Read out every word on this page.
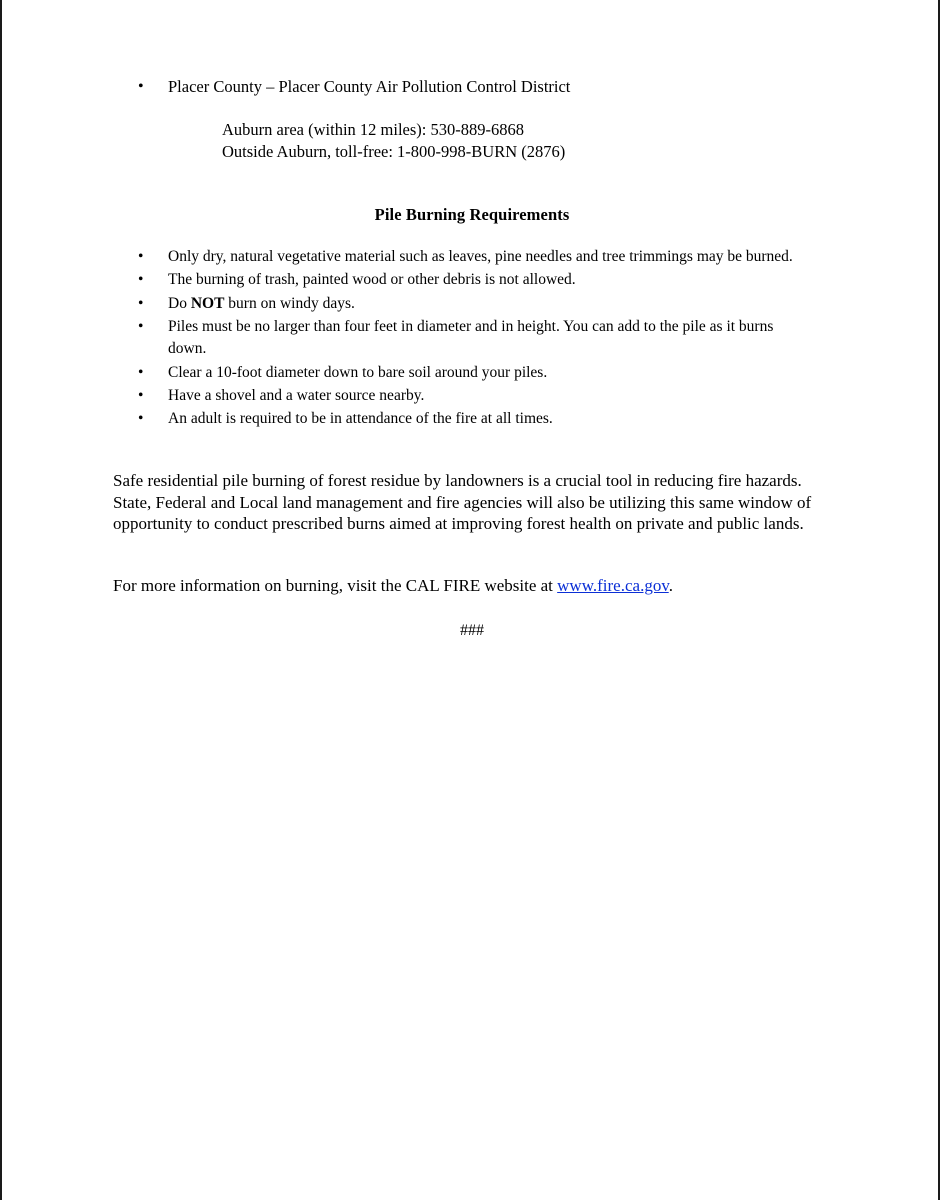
• Placer County – Placer County Air Pollution Control District
Auburn area (within 12 miles): 530-889-6868
Outside Auburn, toll-free: 1-800-998-BURN (2876)
Pile Burning Requirements
• Only dry, natural vegetative material such as leaves, pine needles and tree trimmings may be burned.
• The burning of trash, painted wood or other debris is not allowed.
• Do NOT burn on windy days.
• Piles must be no larger than four feet in diameter and in height. You can add to the pile as it burns down.
• Clear a 10-foot diameter down to bare soil around your piles.
• Have a shovel and a water source nearby.
• An adult is required to be in attendance of the fire at all times.

Safe residential pile burning of forest residue by landowners is a crucial tool in reducing fire hazards. State, Federal and Local land management and fire agencies will also be utilizing this same window of opportunity to conduct prescribed burns aimed at improving forest health on private and public lands.

For more information on burning, visit the CAL FIRE website at www.fire.ca.gov.

###
